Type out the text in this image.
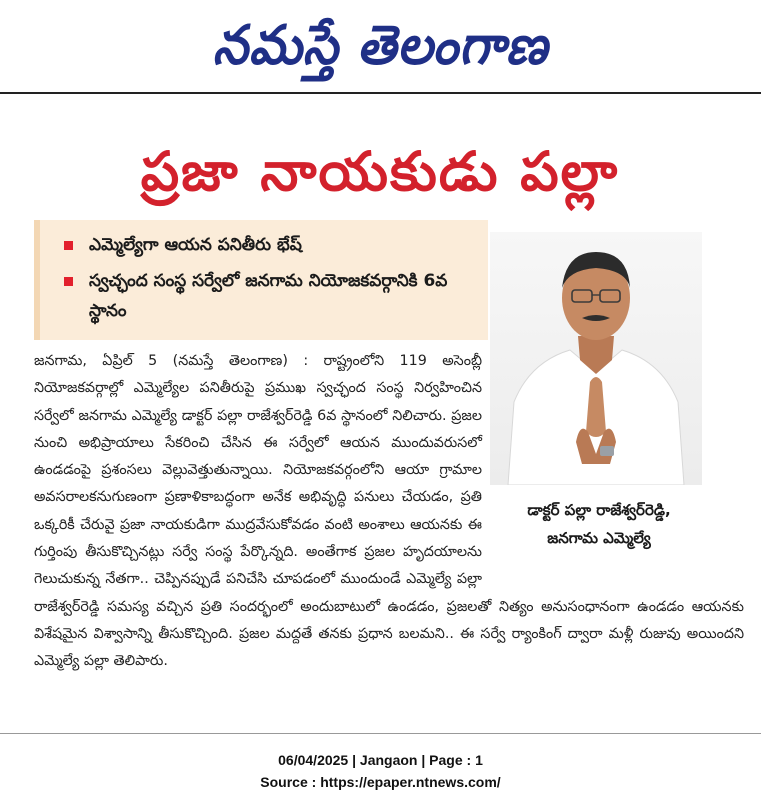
నమస్తే తెలంగాణ
ప్రజా నాయకుడు పల్లా
ఎమ్మెల్యేగా ఆయన పనితీరు భేష్
స్వచ్ఛంద సంస్థ సర్వేలో జనగామ నియోజకవర్గానికి 6వ స్థానం
డాక్టర్ పల్లా రాజేశ్వర్‌రెడ్డి,
జనగామ ఎమ్మెల్యే
జనగామ, ఏప్రిల్ 5 (నమస్తే తెలంగాణ) : రాష్ట్రంలోని 119 అసెంబ్లీ నియోజకవర్గాల్లో ఎమ్మెల్యేల పనితీరుపై ప్రముఖ స్వచ్ఛంద సంస్థ నిర్వహించిన సర్వేలో జనగామ ఎమ్మెల్యే డాక్టర్ పల్లా రాజేశ్వర్‌రెడ్డి 6వ స్థానంలో నిలిచారు. ప్రజల నుంచి అభిప్రాయాలు సేకరించి చేసిన ఈ సర్వేలో ఆయన ముందువరుసలో ఉండడంపై ప్రశంసలు వెల్లువెత్తుతున్నాయి. నియోజకవర్గంలోని ఆయా గ్రామాల అవసరాలకనుగుణంగా ప్రణాళికాబద్ధంగా అనేక అభివృద్ధి పనులు చేయడం, ప్రతి ఒక్కరికీ చేరువై ప్రజా నాయకుడిగా ముద్రవేసుకోవడం వంటి అంశాలు ఆయనకు ఈ గుర్తింపు తీసుకొచ్చినట్లు సర్వే సంస్థ పేర్కొన్నది. అంతేగాక ప్రజల హృదయాలను గెలుచుకున్న నేతగా.. చెప్పినప్పుడే పనిచేసి చూపడంలో ముందుండే ఎమ్మెల్యే పల్లా రాజేశ్వర్‌రెడ్డి సమస్య వచ్చిన ప్రతి సందర్భంలో అందుబాటులో ఉండడం, ప్రజలతో నిత్యం అనుసంధానంగా ఉండడం ఆయనకు విశేషమైన విశ్వాసాన్ని తీసుకొచ్చింది. ప్రజల మద్దతే తనకు ప్రధాన బలమని.. ఈ సర్వే ర్యాంకింగ్ ద్వారా మళ్లీ రుజువు అయిందని ఎమ్మెల్యే పల్లా తెలిపారు.
06/04/2025 | Jangaon | Page : 1
Source : https://epaper.ntnews.com/
